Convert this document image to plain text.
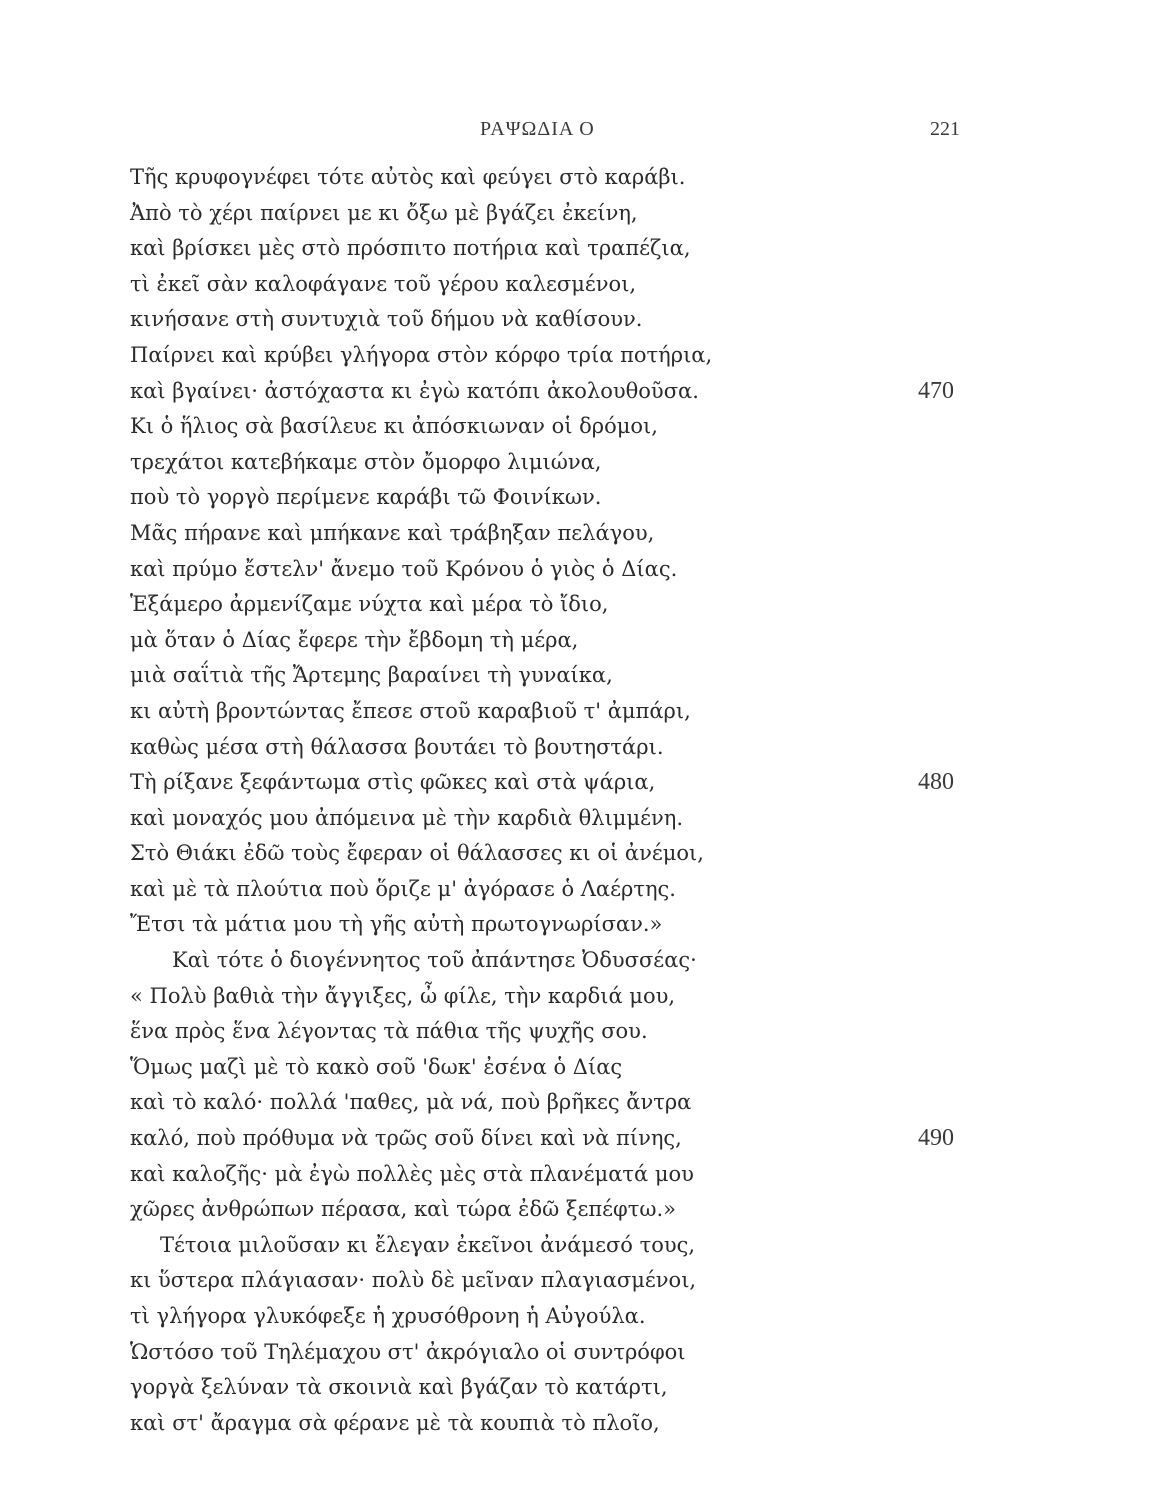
ΡΑΨΩΔΙΑ Ο	221
Τῆς κρυφογνέφει τότε αὐτὸς καὶ φεύγει στὸ καράβι.
Ἀπὸ τὸ χέρι παίρνει με κι ὄξω μὲ βγάζει ἐκείνη,
καὶ βρίσκει μὲς στὸ πρόσπιτο ποτήρια καὶ τραπέζια,
τὶ ἐκεῖ σὰν καλοφάγανε τοῦ γέρου καλεσμένοι,
κινήσανε στὴ συντυχιὰ τοῦ δήμου νὰ καθίσουν.
Παίρνει καὶ κρύβει γλήγορα στὸν κόρφο τρία ποτήρια,
καὶ βγαίνει· ἀστόχαστα κι ἐγὼ κατόπι ἀκολουθοῦσα.	470
Κι ὁ ἥλιος σὰ βασίλευε κι ἀπόσκιωναν οἱ δρόμοι,
τρεχάτοι κατεβήκαμε στὸν ὄμορφο λιμιώνα,
ποὺ τὸ γοργὸ περίμενε καράβι τῶ Φοινίκων.
Μᾶς πήρανε καὶ μπήκανε καὶ τράβηξαν πελάγου,
καὶ πρύμο ἔστελν' ἄνεμο τοῦ Κρόνου ὁ γιὸς ὁ Δίας.
Ἑξάμερο ἀρμενίζαμε νύχτα καὶ μέρα τὸ ἴδιο,
μὰ ὅταν ὁ Δίας ἔφερε τὴν ἔβδομη τὴ μέρα,
μιὰ σαΐτιὰ τῆς Ἄρτεμης βαραίνει τὴ γυναίκα,
κι αὐτὴ βροντώντας ἔπεσε στοῦ καραβιοῦ τ' ἀμπάρι,
καθὼς μέσα στὴ θάλασσα βουτάει τὸ βουτηστάρι.
Τὴ ρίξανε ξεφάντωμα στὶς φῶκες καὶ στὰ ψάρια,	480
καὶ μοναχός μου ἀπόμεινα μὲ τὴν καρδιὰ θλιμμένη.
Στὸ Θιάκι ἐδῶ τοὺς ἔφεραν οἱ θάλασσες κι οἱ ἀνέμοι,
καὶ μὲ τὰ πλούτια ποὺ ὅριζε μ' ἀγόρασε ὁ Λαέρτης.
Ἔτσι τὰ μάτια μου τὴ γῆς αὐτὴ πρωτογνωρίσαν.»
Καὶ τότε ὁ διογέννητος τοῦ ἀπάντησε Ὀδυσσέας·
« Πολὺ βαθιὰ τὴν ἄγγιξες, ὦ φίλε, τὴν καρδιά μου,
ἕνα πρὸς ἕνα λέγοντας τὰ πάθια τῆς ψυχῆς σου.
Ὅμως μαζὶ μὲ τὸ κακὸ σοῦ 'δωκ' ἐσένα ὁ Δίας
καὶ τὸ καλό· πολλά 'παθες, μὰ νά, ποὺ βρῆκες ἄντρα
καλό, ποὺ πρόθυμα νὰ τρῶς σοῦ δίνει καὶ νὰ πίνης,	490
καὶ καλοζῆς· μὰ ἐγὼ πολλὲς μὲς στὰ πλανέματά μου
χῶρες ἀνθρώπων πέρασα, καὶ τώρα ἐδῶ ξεπέφτω.»
Τέτοια μιλοῦσαν κι ἔλεγαν ἐκεῖνοι ἀνάμεσό τους,
κι ὕστερα πλάγιασαν· πολὺ δὲ μεῖναν πλαγιασμένοι,
τὶ γλήγορα γλυκόφεξε ἡ χρυσόθρονη ἡ Αὐγούλα.
Ὡστόσο τοῦ Τηλέμαχου στ' ἀκρόγιαλο οἱ συντρόφοι
γοργὰ ξελύναν τὰ σκοινιὰ καὶ βγάζαν τὸ κατάρτι,
καὶ στ' ἄραγμα σὰ φέρανε μὲ τὰ κουπιὰ τὸ πλοῖο,
